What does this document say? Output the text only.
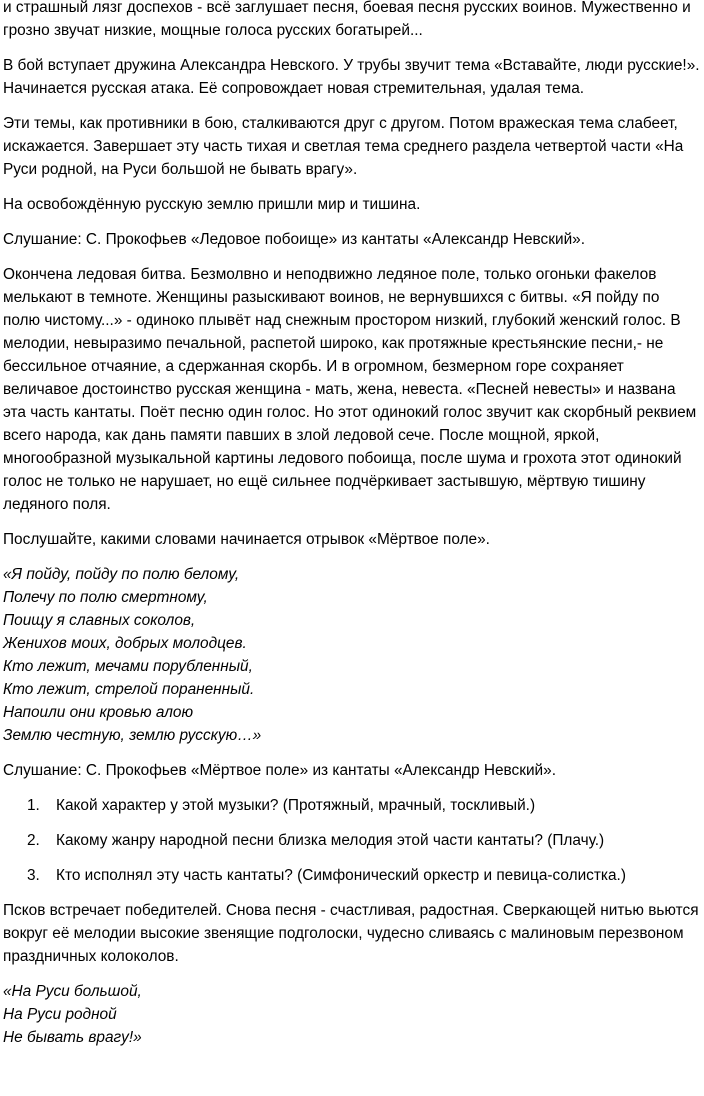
и страшный лязг доспехов - всё заглушает песня, боевая песня русских воинов. Мужественно и грозно звучат низкие, мощные голоса русских богатырей...

В бой вступает дружина Александра Невского. У трубы звучит тема «Вставайте, люди русские!». Начинается русская атака. Её сопровождает новая стремительная, удалая тема.

Эти темы, как противники в бою, сталкиваются друг с другом. Потом вражеская тема слабеет, искажается. Завершает эту часть тихая и светлая тема среднего раздела четвертой части «На Руси родной, на Руси большой не бывать врагу».

На освобождённую русскую землю пришли мир и тишина.

Слушание: С. Прокофьев «Ледовое побоище» из кантаты «Александр Невский».

Окончена ледовая битва. Безмолвно и неподвижно ледяное поле, только огоньки факелов мелькают в темноте. Женщины разыскивают воинов, не вернувшихся с битвы. «Я пойду по полю чистому...» - одиноко плывёт над снежным простором низкий, глубокий женский голос. В мелодии, невыразимо печальной, распетой широко, как протяжные крестьянские песни,- не бессильное отчаяние, а сдержанная скорбь. И в огромном, безмерном горе сохраняет величавое достоинство русская женщина - мать, жена, невеста. «Песней невесты» и названа эта часть кантаты. Поёт песню один голос. Но этот одинокий голос звучит как скорбный реквием всего народа, как дань памяти павших в злой ледовой сече. После мощной, яркой, многообразной музыкальной картины ледового побоища, после шума и грохота этот одинокий голос не только не нарушает, но ещё сильнее подчёркивает застывшую, мёртвую тишину ледяного поля.

Послушайте, какими словами начинается отрывок «Мёртвое поле».

«Я пойду, пойду по полю белому,
Полечу по полю смертному,
Поищу я славных соколов,
Женихов моих, добрых молодцев.
Кто лежит, мечами порубленный,
Кто лежит, стрелой пораненный.
Напоили они кровью алою
Землю честную, землю русскую…»

Слушание: С. Прокофьев «Мёртвое поле» из кантаты «Александр Невский».

1. Какой характер у этой музыки? (Протяжный, мрачный, тоскливый.)
2. Какому жанру народной песни близка мелодия этой части кантаты? (Плачу.)
3. Кто исполнял эту часть кантаты? (Симфонический оркестр и певица-солистка.)

Псков встречает победителей. Снова песня - счастливая, радостная. Сверкающей нитью вьются вокруг её мелодии высокие звенящие подголоски, чудесно сливаясь с малиновым перезвоном праздничных колоколов.

«На Руси большой,
На Руси родной
Не бывать врагу!»
